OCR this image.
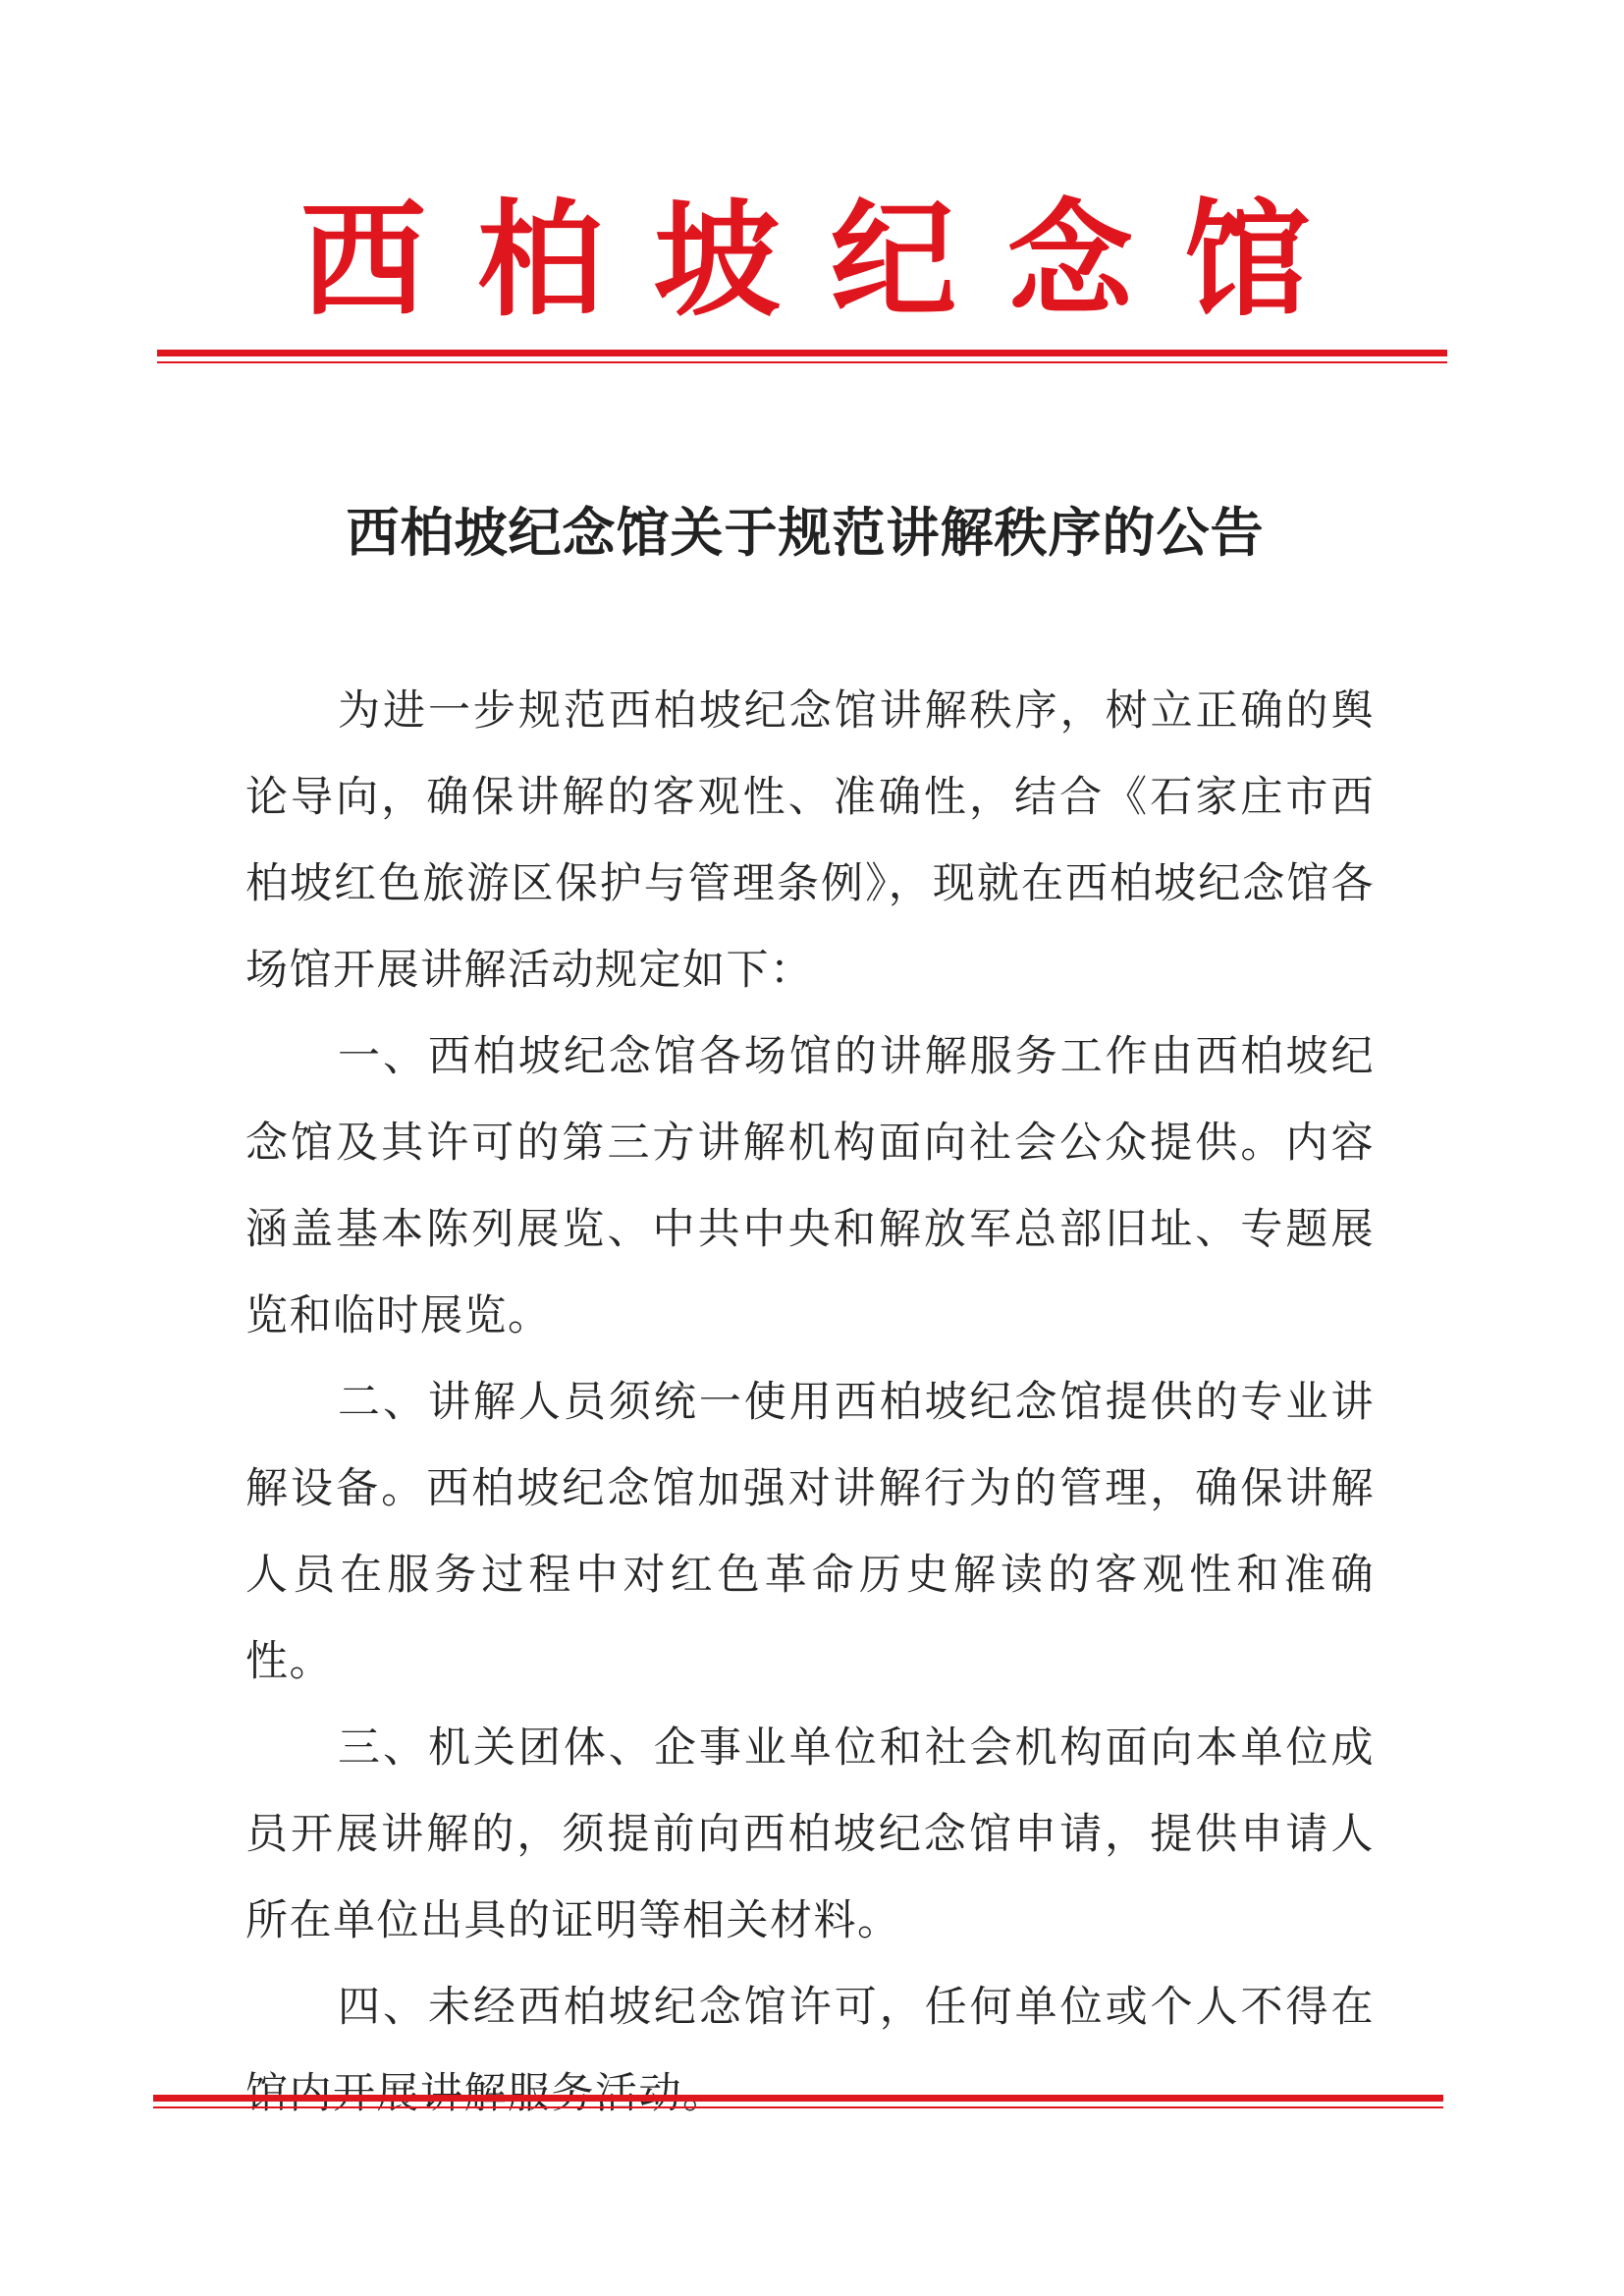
西柏坡纪念馆
西柏坡纪念馆关于规范讲解秩序的公告

为进一步规范西柏坡纪念馆讲解秩序，树立正确的舆论导向，确保讲解的客观性、准确性，结合《石家庄市西柏坡红色旅游区保护与管理条例》，现就在西柏坡纪念馆各场馆开展讲解活动规定如下：

一、西柏坡纪念馆各场馆的讲解服务工作由西柏坡纪念馆及其许可的第三方讲解机构面向社会公众提供。内容涵盖基本陈列展览、中共中央和解放军总部旧址、专题展览和临时展览。

二、讲解人员须统一使用西柏坡纪念馆提供的专业讲解设备。西柏坡纪念馆加强对讲解行为的管理，确保讲解人员在服务过程中对红色革命历史解读的客观性和准确性。

三、机关团体、企事业单位和社会机构面向本单位成员开展讲解的，须提前向西柏坡纪念馆申请，提供申请人所在单位出具的证明等相关材料。

四、未经西柏坡纪念馆许可，任何单位或个人不得在馆内开展讲解服务活动。
